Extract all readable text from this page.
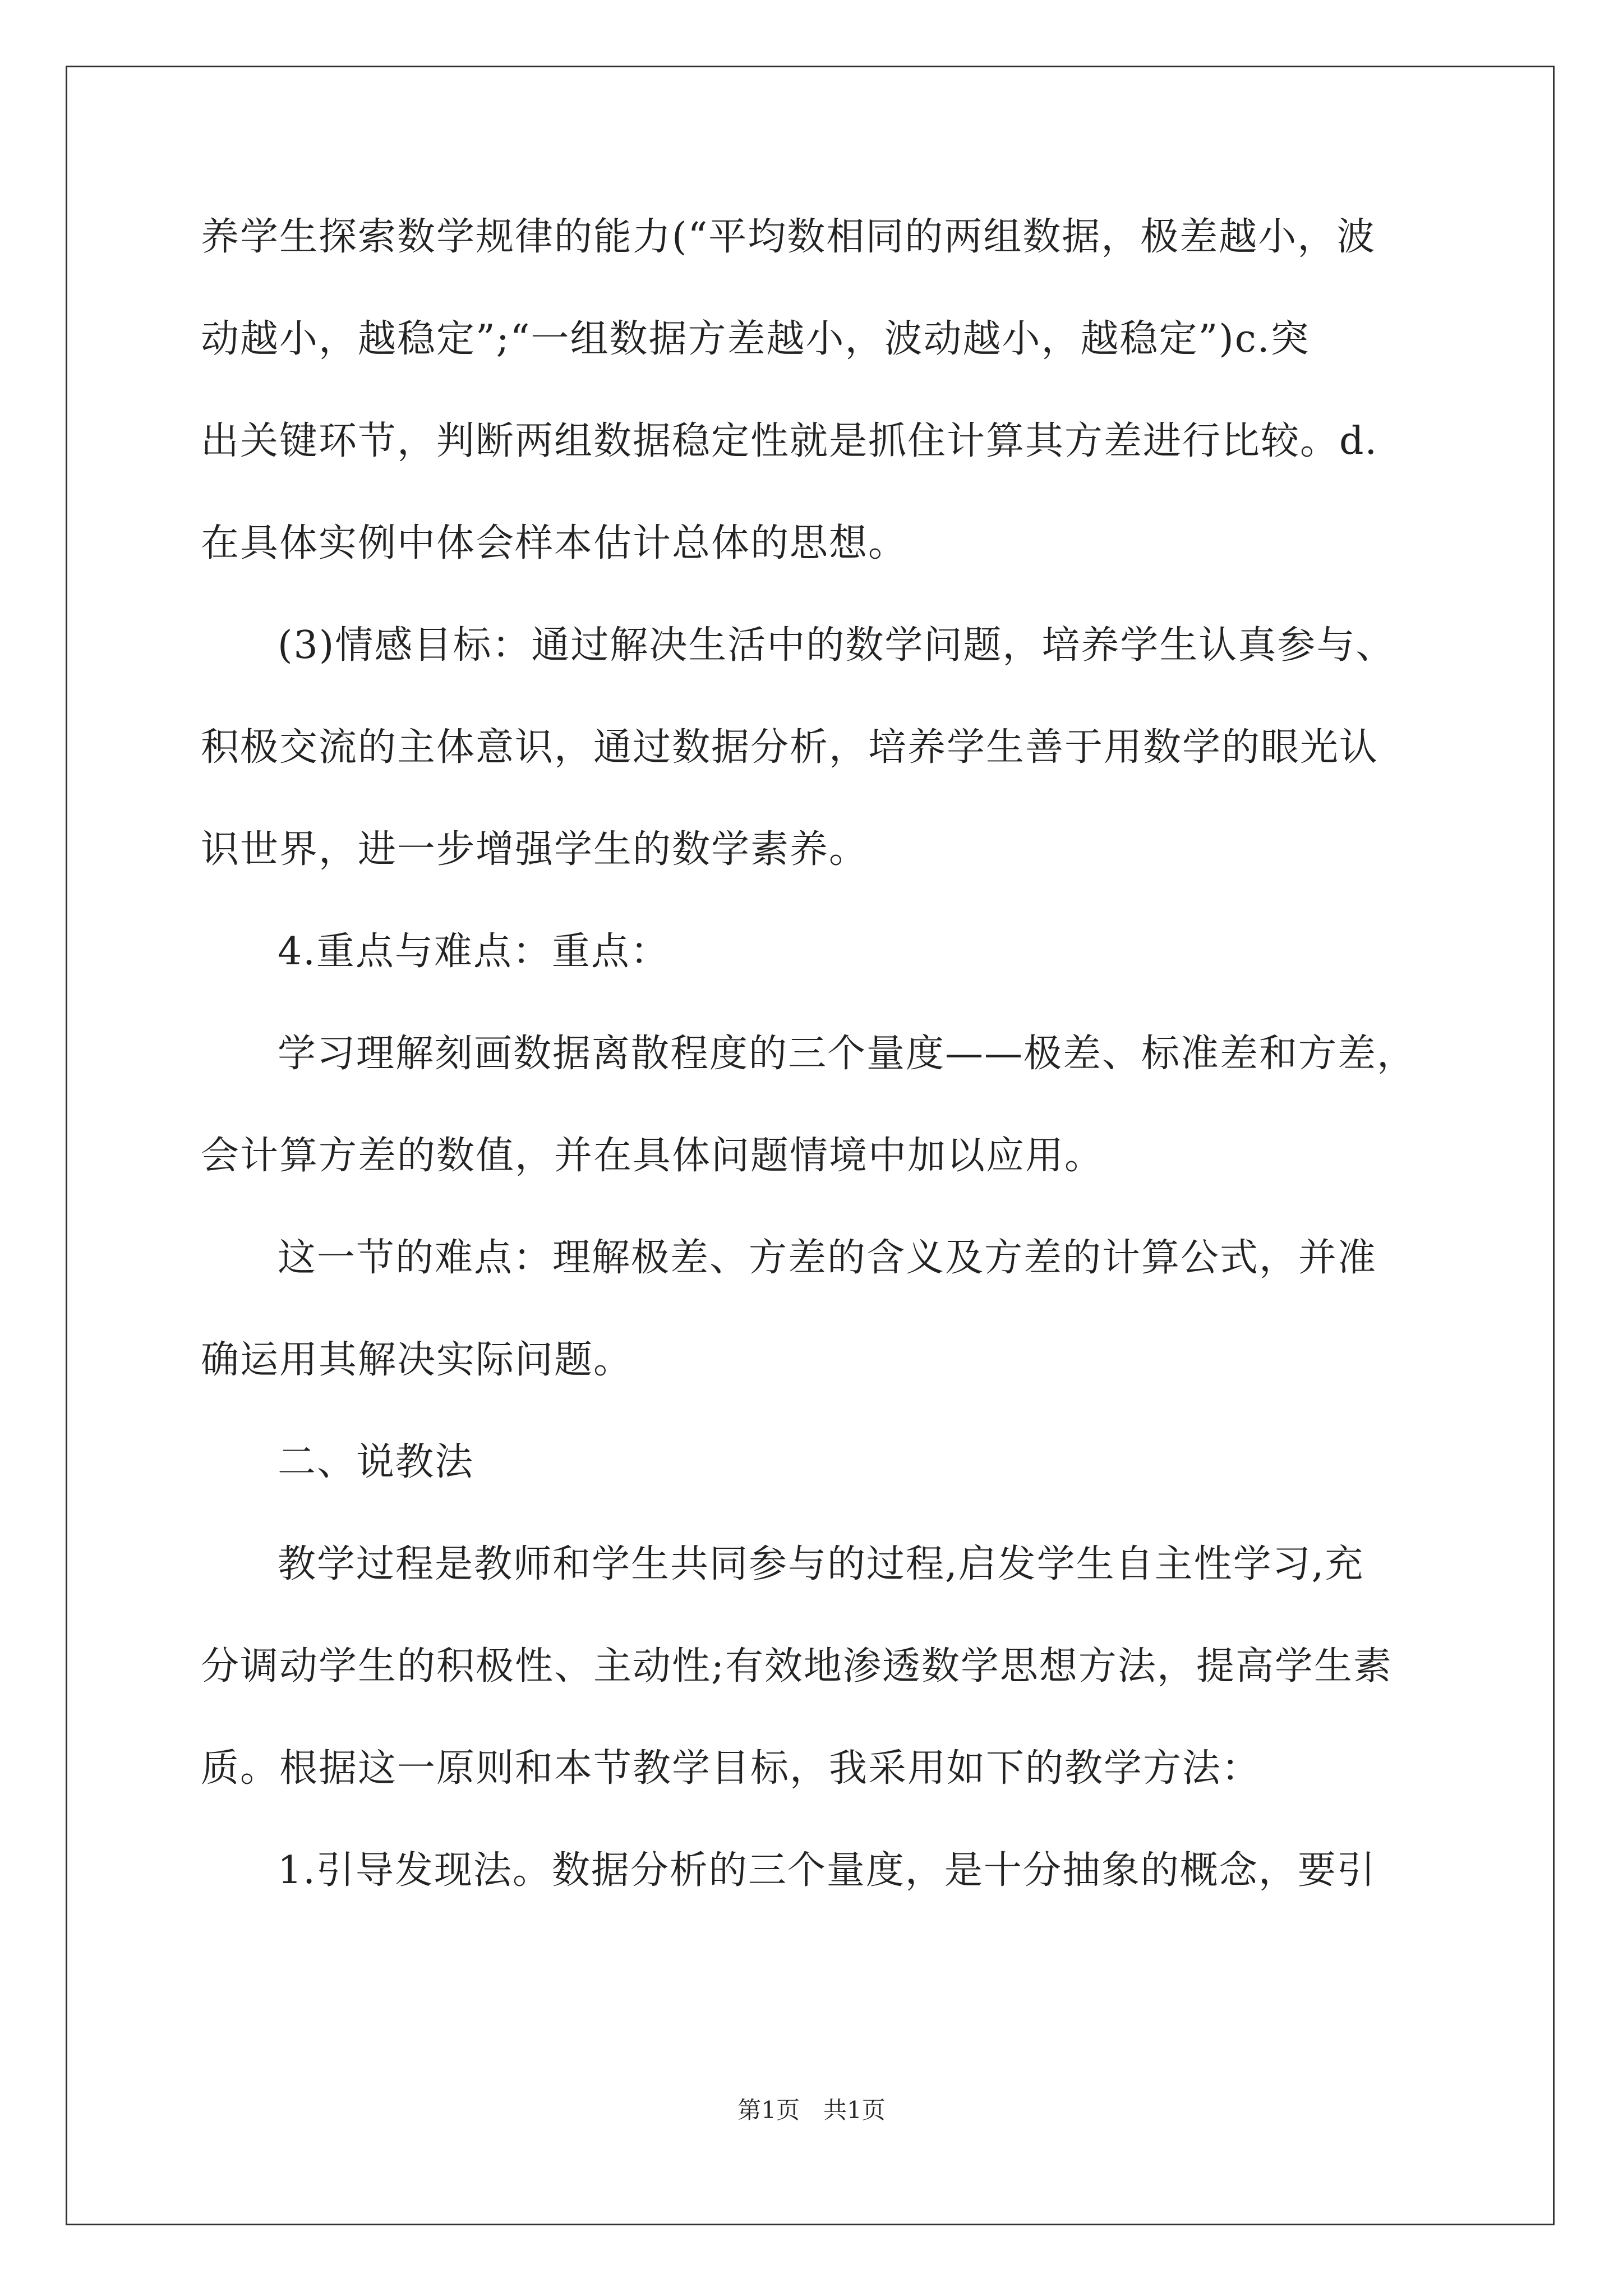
养学生探索数学规律的能力(“平均数相同的两组数据，极差越小，波
动越小，越稳定”;“一组数据方差越小，波动越小，越稳定”)c.突
出关键环节，判断两组数据稳定性就是抓住计算其方差进行比较。d.
在具体实例中体会样本估计总体的思想。
(3)情感目标：通过解决生活中的数学问题，培养学生认真参与、
积极交流的主体意识，通过数据分析，培养学生善于用数学的眼光认
识世界，进一步增强学生的数学素养。
4.重点与难点：重点：
学习理解刻画数据离散程度的三个量度——极差、标准差和方差，
会计算方差的数值，并在具体问题情境中加以应用。
这一节的难点：理解极差、方差的含义及方差的计算公式，并准
确运用其解决实际问题。
二、说教法
教学过程是教师和学生共同参与的过程,启发学生自主性学习,充
分调动学生的积极性、主动性;有效地渗透数学思想方法，提高学生素
质。根据这一原则和本节教学目标，我采用如下的教学方法：
1.引导发现法。数据分析的三个量度，是十分抽象的概念，要引
第1页　共1页
